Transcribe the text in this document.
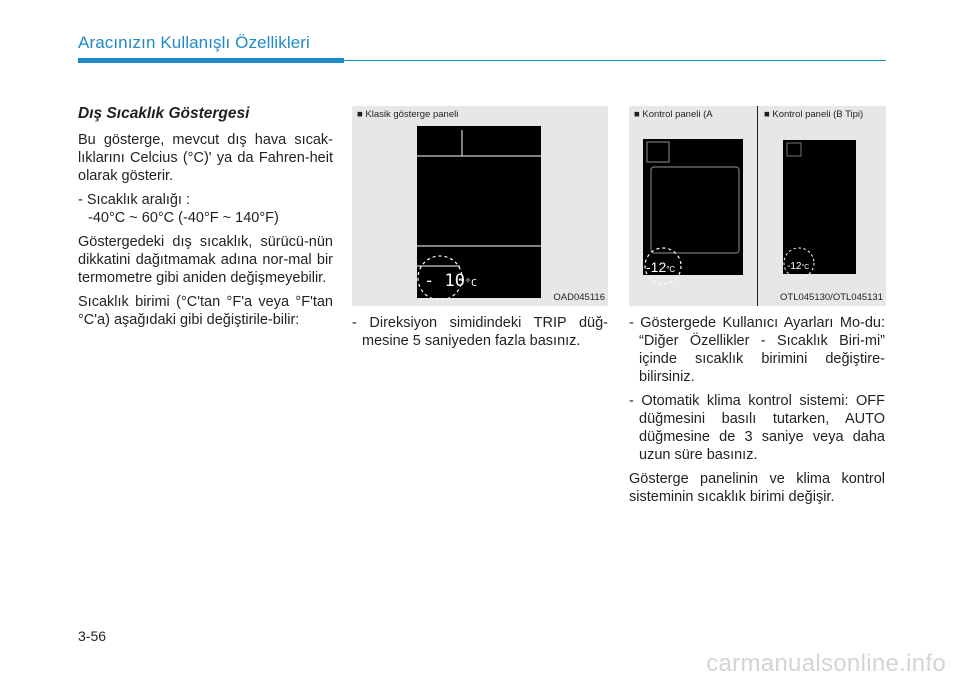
Aracınızın Kullanışlı Özellikleri
Dış Sıcaklık Göstergesi

Bu gösterge, mevcut dış hava sıcak-lıklarını Celcius (°C)' ya da Fahren-heit olarak gösterir.

- Sıcaklık aralığı :
-40°C ~ 60°C (-40°F ~ 140°F)

Göstergedeki dış sıcaklık, sürücü-nün dikkatini dağıtmamak adına nor-mal bir termometre gibi aniden değişmeyebilir.

Sıcaklık birimi (°C'tan °F'a veya °F'tan °C'a) aşağıdaki gibi değiştirile-bilir:

■ Klasik gösterge paneli
- 10°C
OAD045116
■ Kontrol paneli (A	■ Kontrol paneli (B Tipi)
-12°C	-12°C
OTL045130/OTL045131
- Direksiyon simidindeki TRIP düğ-mesine 5 saniyeden fazla basınız.
- Göstergede Kullanıcı Ayarları Mo-du: “Diğer Özellikler - Sıcaklık Biri-mi” içinde sıcaklık birimini değiştire-bilirsiniz.
- Otomatik klima kontrol sistemi: OFF düğmesini basılı tutarken, AUTO düğmesine de 3 saniye veya daha uzun süre basınız.

Gösterge panelinin ve klima kontrol sisteminin sıcaklık birimi değişir.

3-56
carmanualsonline.info
